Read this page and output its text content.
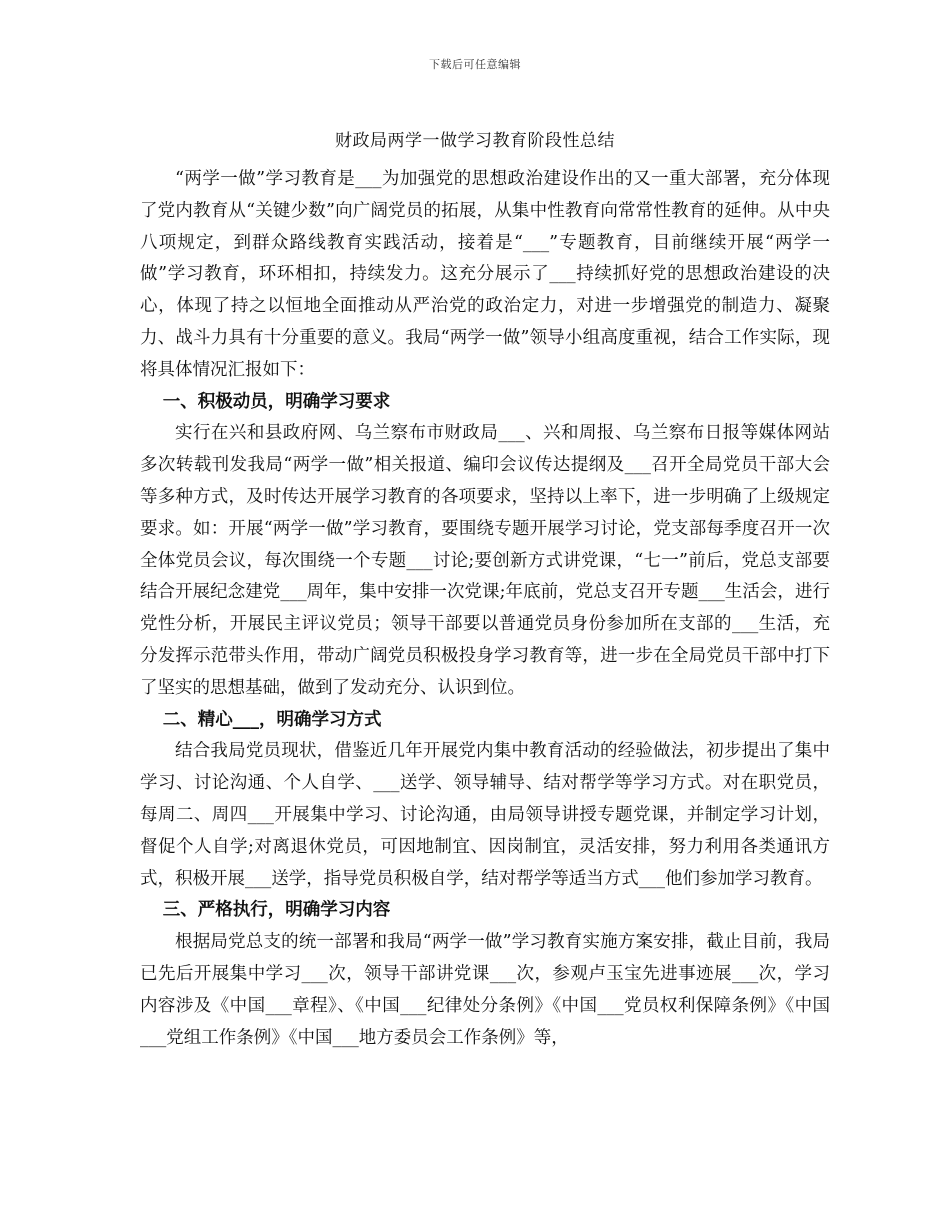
下载后可任意编辑
财政局两学一做学习教育阶段性总结

“两学一做”学习教育是___为加强党的思想政治建设作出的又一重大部署，充分体现了党内教育从“关键少数”向广阔党员的拓展，从集中性教育向常常性教育的延伸。从中央八项规定，到群众路线教育实践活动，接着是“___”专题教育，目前继续开展“两学一做”学习教育，环环相扣，持续发力。这充分展示了___持续抓好党的思想政治建设的决心，体现了持之以恒地全面推动从严治党的政治定力，对进一步增强党的制造力、凝聚力、战斗力具有十分重要的意义。我局“两学一做”领导小组高度重视，结合工作实际，现将具体情况汇报如下：

一、积极动员，明确学习要求

实行在兴和县政府网、乌兰察布市财政局___、兴和周报、乌兰察布日报等媒体网站多次转载刊发我局“两学一做”相关报道、编印会议传达提纲及___召开全局党员干部大会等多种方式，及时传达开展学习教育的各项要求，坚持以上率下，进一步明确了上级规定要求。如：开展“两学一做”学习教育，要围绕专题开展学习讨论，党支部每季度召开一次全体党员会议，每次围绕一个专题___讨论;要创新方式讲党课，“七一”前后，党总支部要结合开展纪念建党___周年，集中安排一次党课;年底前，党总支召开专题___生活会，进行党性分析，开展民主评议党员；领导干部要以普通党员身份参加所在支部的___生活，充分发挥示范带头作用，带动广阔党员积极投身学习教育等，进一步在全局党员干部中打下了坚实的思想基础，做到了发动充分、认识到位。

二、精心___，明确学习方式

结合我局党员现状，借鉴近几年开展党内集中教育活动的经验做法，初步提出了集中学习、讨论沟通、个人自学、___送学、领导辅导、结对帮学等学习方式。对在职党员，每周二、周四___开展集中学习、讨论沟通，由局领导讲授专题党课，并制定学习计划，督促个人自学;对离退休党员，可因地制宜、因岗制宜，灵活安排，努力利用各类通讯方式，积极开展___送学，指导党员积极自学，结对帮学等适当方式___他们参加学习教育。

三、严格执行，明确学习内容

根据局党总支的统一部署和我局“两学一做”学习教育实施方案安排，截止目前，我局已先后开展集中学习___次，领导干部讲党课___次，参观卢玉宝先进事迹展___次，学习内容涉及《中国___章程》、《中国___纪律处分条例》《中国___党员权利保障条例》《中国___党组工作条例》《中国___地方委员会工作条例》等，
